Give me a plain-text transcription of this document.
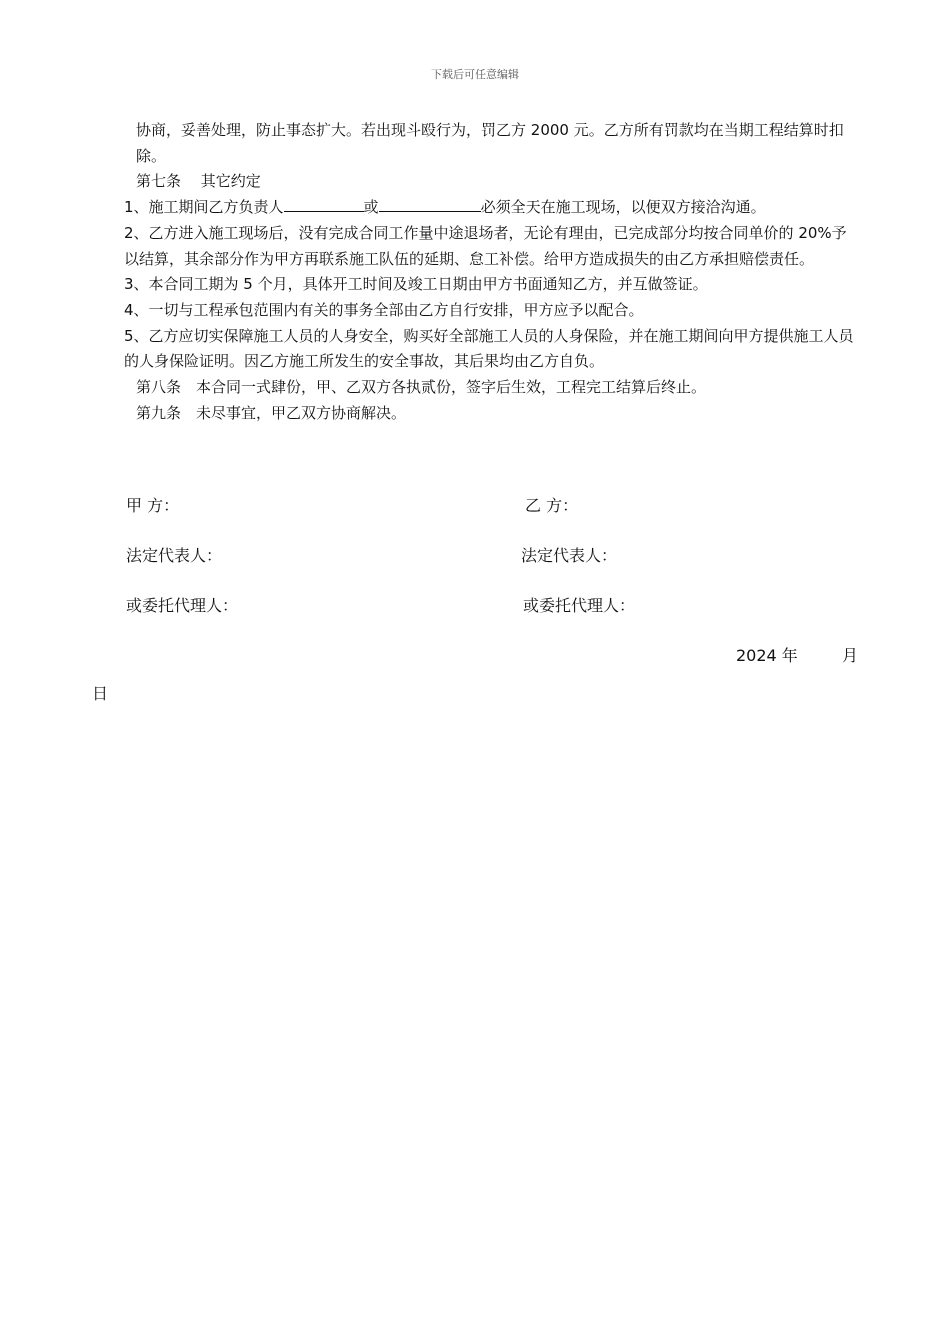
下载后可任意编辑

协商，妥善处理，防止事态扩大。若出现斗殴行为，罚乙方 2000 元。乙方所有罚款均在当期工程结算时扣除。

第七条　 其它约定

1、施工期间乙方负责人	或	必须全天在施工现场，以便双方接洽沟通。

2、乙方进入施工现场后，没有完成合同工作量中途退场者，无论有理由，已完成部分均按合同单价的 20%予以结算，其余部分作为甲方再联系施工队伍的延期、怠工补偿。给甲方造成损失的由乙方承担赔偿责任。

3、本合同工期为 5 个月，具体开工时间及竣工日期由甲方书面通知乙方，并互做签证。

4、一切与工程承包范围内有关的事务全部由乙方自行安排，甲方应予以配合。

5、乙方应切实保障施工人员的人身安全，购买好全部施工人员的人身保险，并在施工期间向甲方提供施工人员的人身保险证明。因乙方施工所发生的安全事故，其后果均由乙方自负。

第八条　本合同一式肆份，甲、乙双方各执贰份，签字后生效，工程完工结算后终止。

第九条　未尽事宜，甲乙双方协商解决。

甲 方：	乙 方：
法定代表人：	法定代表人：
或委托代理人：	或委托代理人：
2024 年	月
日
